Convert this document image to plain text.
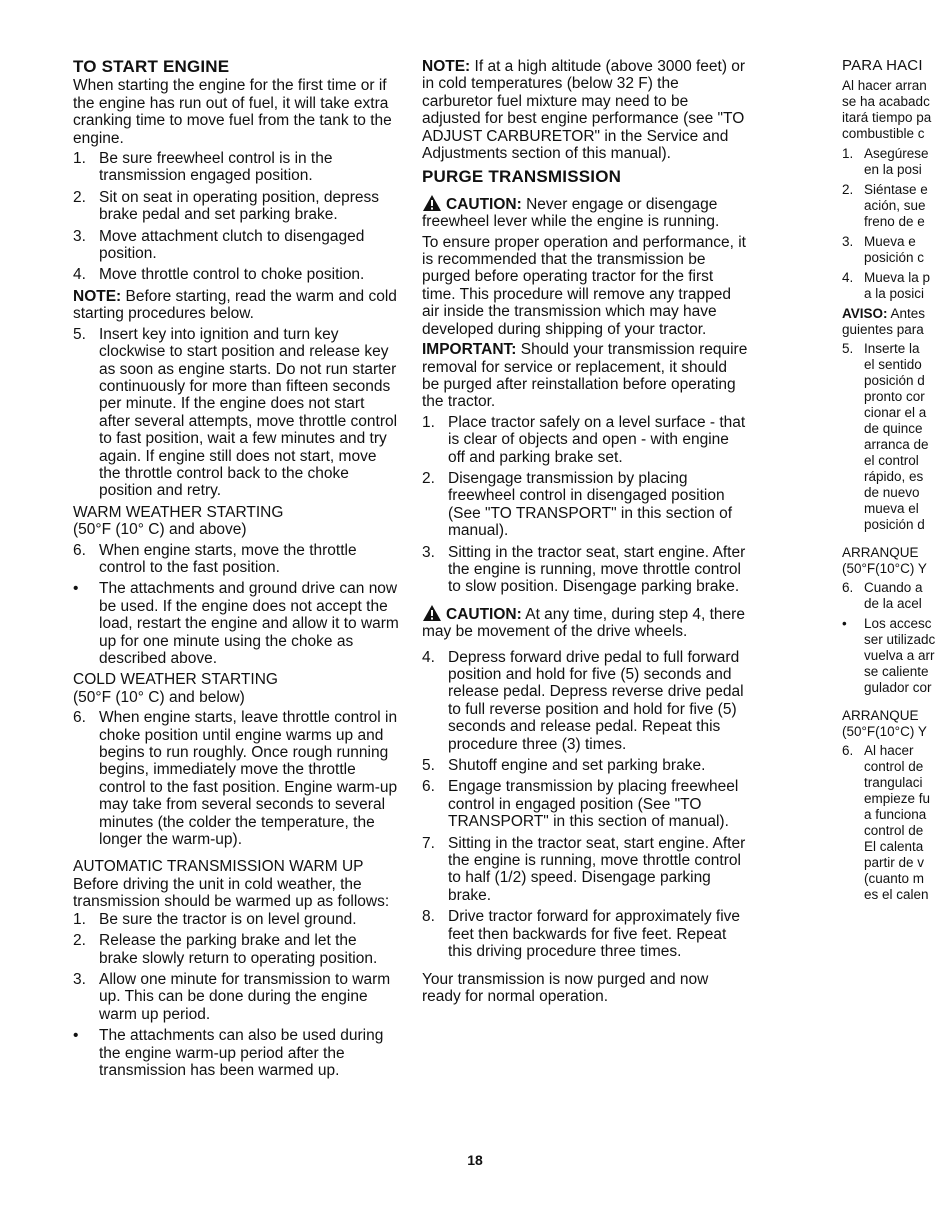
TO START ENGINE

When starting the engine for the first time or if the engine has run out of fuel, it will take extra cranking time to move fuel from the tank to the engine.

1. Be sure freewheel control is in the transmission engaged position.
2. Sit on seat in operating position, depress brake pedal and set parking brake.
3. Move attachment clutch to disengaged position.
4. Move throttle control to choke position.

NOTE: Before starting, read the warm and cold starting procedures below.

5. Insert key into ignition and turn key clockwise to start position and release key as soon as engine starts. Do not run starter continuously for more than fifteen seconds per minute. If the engine does not start after several attempts, move throttle control to fast position, wait a few minutes and try again. If engine still does not start, move the throttle control back to the choke position and retry.

WARM WEATHER STARTING

(50°F (10° C) and above)

6. When engine starts, move the throttle control to the fast position.
•	The attachments and ground drive can now be used. If the engine does not accept the load, restart the engine and allow it to warm up for one minute using the choke as described above.

COLD WEATHER STARTING

(50°F (10° C) and below)

6. When engine starts, leave throttle control in choke position until engine warms up and begins to run roughly. Once rough running begins, immediately move the throttle control to the fast position. Engine warm-up may take from several seconds to several minutes (the colder the temperature, the longer the warm-up).

AUTOMATIC TRANSMISSION WARM UP

Before driving the unit in cold weather, the transmission should be warmed up as follows:

1. Be sure the tractor is on level ground.
2. Release the parking brake and let the brake slowly return to operating position.
3. Allow one minute for transmission to warm up. This can be done during the engine warm up period.
•	The attachments can also be used during the engine warm-up period after the transmission has been warmed up.

NOTE: If at a high altitude (above 3000 feet) or in cold temperatures (below 32 F) the carburetor fuel mixture may need to be adjusted for best engine performance (see "TO ADJUST CARBURETOR" in the Service and Adjustments section of this manual).

PURGE TRANSMISSION

CAUTION: Never engage or disengage freewheel lever while the engine is running.

To ensure proper operation and performance, it is recommended that the transmission be purged before operating tractor for the first time. This procedure will remove any trapped air inside the transmission which may have developed during shipping of your tractor.

IMPORTANT: Should your transmission require removal for service or replacement, it should be purged after reinstallation before operating the tractor.

1. Place tractor safely on a level surface - that is clear of objects and open - with engine off and parking brake set.
2. Disengage transmission by placing freewheel control in disengaged position (See "TO TRANSPORT" in this section of manual).
3. Sitting in the tractor seat, start engine. After the engine is running, move throttle control to slow position. Disengage parking brake.

CAUTION: At any time, during step 4, there may be movement of the drive wheels.

4. Depress forward drive pedal to full forward position and hold for five (5) seconds and release pedal. Depress reverse drive pedal to full reverse position and hold for five (5) seconds and release pedal. Repeat this procedure three (3) times.
5. Shutoff engine and set parking brake.
6. Engage transmission by placing freewheel control in engaged position (See "TO TRANSPORT" in this section of manual).
7. Sitting in the tractor seat, start engine. After the engine is running, move throttle control to half (1/2) speed. Disengage parking brake.
8. Drive tractor forward for approximately five feet then backwards for five feet. Repeat this driving procedure three times.

Your transmission is now purged and now ready for normal operation.

PARA HACI
Al hacer arran
se ha acabadc
itará tiempo pa
combustible c
1. Asegúrese
en la posi
2. Siéntase e
ación, sue
freno de e
3. Mueva e
posición c
4. Mueva la p
a la posici

AVISO: Antes

guientes para

5. Inserte la
el sentido
posición d
pronto cor
cionar el a
de quince
arranca de
el control
rápido, es
de nuevo
mueva el
posición d

ARRANQUE

(50°F(10°C) Y

6. Cuando a
de la acel
•	Los accesc
ser utilizadc
vuelva a arr
se caliente
gulador cor

ARRANQUE

(50°F(10°C) Y

6. Al hacer
control de
trangulaci
empieze fu
a funciona
control de
El calenta
partir de v
(cuanto m
es el calen
18
